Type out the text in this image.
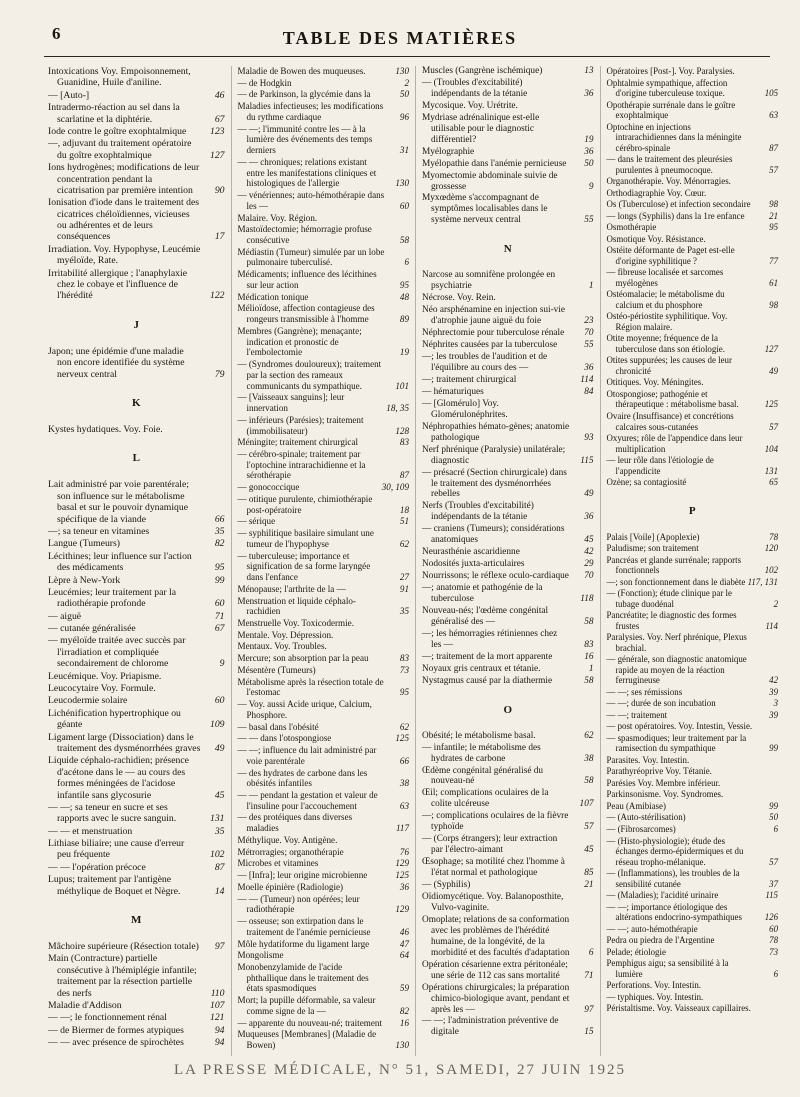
6	TABLE DES MATIÈRES
Intoxications Voy. Empoisonnement, Guanidine, Huile d'aniline.
— [Auto-]	46
Intradermo-réaction au sel dans la scarlatine et la diphtérie.	67
Iode contre le goître exophtalmique	123
—, adjuvant du traitement opératoire du goître exophtalmique	127
Ions hydrogènes; modifications de leur concentration pendant la cicatrisation par première intention	90
Ionisation d'iode dans le traitement des cicatrices chéloïdiennes, vicieuses ou adhérentes et de leurs conséquences	17
Irradiation. Voy. Hypophyse, Leucémie myéloïde, Rate.
Irritabilité allergique ; l'anaphylaxie chez le cobaye et l'influence de l'hérédité	122
J
Japon; une épidémie d'une maladie non encore identifiée du système nerveux central	79
K
Kystes hydatiques. Voy. Foie.
L
Lait administré par voie parentérale; son influence sur le métabolisme basal et sur le pouvoir dynamique spécifique de la viande	66
—; sa teneur en vitamines	35
Langue (Tumeurs)	82
Lécithines; leur influence sur l'action des médicaments	95
Lèpre à New-York	99
Leucémies; leur traitement par la radiothérapie profonde	60
— aiguë	71
— cutanée généralisée	67
— myéloïde traitée avec succès par l'irradiation et compliquée secondairement de chlorome	9
Leucémique. Voy. Priapisme.
Leucocytaire Voy. Formule.
Leucodermie solaire	60
Lichénification hypertrophique ou géante	109
Ligament large (Dissociation) dans le traitement des dysménorrhées graves	49
Liquide céphalo-rachidien; présence d'acétone dans le — au cours des formes méningées de l'acidose infantile sans glycosurie	45
— —; sa teneur en sucre et ses rapports avec le sucre sanguin.	131
— — et menstruation	35
Lithiase biliaire; une cause d'erreur peu fréquente	102
— — l'opération précoce	87
Lupus; traitement par l'antigène méthylique de Boquet et Nègre.	14
M
Mâchoire supérieure (Résection totale)	97
Main (Contracture) partielle consécutive à l'hémiplégie infantile; traitement par la résection partielle des nerfs	110
Maladie d'Addison	107
— —; le fonctionnement rénal	121
— de Biermer de formes atypiques	94
— — avec présence de spirochètes	94
Maladie de Bowen des muqueuses.	130
— de Hodgkin	2
— de Parkinson, la glycémie dans la	50
Maladies infectieuses; les modifications du rythme cardiaque	96
— —; l'immunité contre les — à la lumière des événements des temps derniers	31
— — chroniques; relations existant entre les manifestations cliniques et histologiques de l'allergie	130
— vénériennes; auto-hémothérapie dans les —	60
Malaire. Voy. Région.
Mastoïdectomie; hémorragie profuse consécutive	58
Médiastin (Tumeur) simulée par un lobe pulmonaire tuberculisé.	6
Médicaments; influence des lécithines sur leur action	95
Médication tonique	48
Mélioïdose, affection contagieuse des rongeurs transmissible à l'homme	89
Membres (Gangrène); menaçante; indication et pronostic de l'embolectomie	19
— (Syndromes douloureux); traitement par la section des rameaux communicants du sympathique.	101
— [Vaisseaux sanguins]; leur innervation	18, 35
— inférieurs (Parésies); traitement (immobilisateur)	128
Méningite; traitement chirurgical	83
— cérébro-spinale; traitement par l'optochine intrarachidienne et la sérothérapie	87
— gonococcique	30, 109
— otitique purulente, chimiothérapie post-opératoire	18
— sérique	51
— syphilitique basilaire simulant une tumeur de l'hypophyse	62
— tuberculeuse; importance et signification de sa forme laryngée dans l'enfance	27
Ménopause; l'arthrite de la —	91
Menstruation et liquide céphalo-rachidien	35
Menstruelle Voy. Toxicodermie.
Mentale. Voy. Dépression.
Mentaux. Voy. Troubles.
Mercure; son absorption par la peau	83
Mésentère (Tumeurs)	73
Métabolisme après la résection totale de l'estomac	95
— Voy. aussi Acide urique, Calcium, Phosphore.
— basal dans l'obésité	62
— — dans l'otospongiose	125
— —; influence du lait administré par voie parentérale	66
— des hydrates de carbone dans les obésités infantiles	38
— — pendant la gestation et valeur de l'insuline pour l'accouchement	63
— des protéiques dans diverses maladies	117
Méthylique. Voy. Antigène.
Métrorragies; organothérapie	76
Microbes et vitamines	129
— [Infra]; leur origine microbienne	125
Moelle épinière (Radiologie)	36
— — (Tumeur) non opérées; leur radiothérapie	129
— osseuse; son extirpation dans le traitement de l'anémie pernicieuse	46
Môle hydatiforme du ligament large	47
Mongolisme	64
Monobenzylamide de l'acide phthallique dans le traitement des états spasmodiques	59
Mort; la pupille déformable, sa valeur comme signe de la —	82
— apparente du nouveau-né; traitement	16
Muqueuses [Membranes] (Maladie de Bowen)	130
Muscles (Gangrène ischémique)	13
— (Troubles d'excitabilité) indépendants de la tétanie	36
Mycosique. Voy. Urétrite.
Mydriase adrénalinique est-elle utilisable pour le diagnostic différentiel?	19
Myélographie	36
Myélopathie dans l'anémie pernicieuse	50
Myomectomie abdominale suivie de grossesse	9
Myxœdème s'accompagnant de symptômes localisables dans le système nerveux central	55
N
Narcose au somnifène prolongée en psychiatrie	1
Nécrose. Voy. Rein.
Néo arsphénamine en injection sui-vie d'atrophie jaune aiguë du foie	23
Néphrectomie pour tuberculose rénale	70
Néphrites causées par la tuberculose	55
—; les troubles de l'audition et de l'équilibre au cours des —	36
—; traitement chirurgical	114
— hématuriques	84
— [Glomérulo] Voy. Glomérulonéphrites.
Néphropathies hémato-gènes; anatomie pathologique	93
Nerf phrénique (Paralysie) unilatérale; diagnostic	115
— présacré (Section chirurgicale) dans le traitement des dysménorrhées rebelles	49
Nerfs (Troubles d'excitabilité) indépendants de la tétanie	36
— craniens (Tumeurs); considérations anatomiques	45
Neurasthénie ascaridienne	42
Nodosités juxta-articulaires	29
Nourrissons; le réflexe oculo-cardiaque	70
—; anatomie et pathogénie de la tuberculose	118
Nouveau-nés; l'œdème congénital généralisé des —	58
—; les hémorragies rétiniennes chez les —	83
—; traitement de la mort apparente	16
Noyaux gris centraux et tétanie.	1
Nystagmus causé par la diathermie	58
O
Obésité; le métabolisme basal.	62
— infantile; le métabolisme des hydrates de carbone	38
Œdème congénital généralisé du nouveau-né	58
Œil; complications oculaires de la colite ulcéreuse	107
—; complications oculaires de la fièvre typhoïde	57
— (Corps étrangers); leur extraction par l'électro-aimant	45
Œsophage; sa motilité chez l'homme à l'état normal et pathologique	85
— (Syphilis)	21
Oïdiomycétique. Voy. Balanoposthite, Vulvo-vaginite.
Omoplate; relations de sa conformation avec les problèmes de l'hérédité humaine, de la longévité, de la morbidité et des facultés d'adaptation	6
Opération césarienne extra péritonéale; une série de 112 cas sans mortalité	71
Opérations chirurgicales; la préparation chimico-biologique avant, pendant et après les —	97
— —; l'administration préventive de digitale	15
Opératoires [Post-]. Voy. Paralysies.
Ophtalmie sympathique, affection d'origine tuberculeuse toxique.	105
Opothérapie surrénale dans le goître exophtalmique	63
Optochine en injections intrarachidiennes dans la méningite cérébro-spinale	87
— dans le traitement des pleurésies purulentes à pneumocoque.	57
Organothérapie. Voy. Ménorragies.
Orthodiagraphie Voy. Cœur.
Os (Tuberculose) et infection secondaire	98
— longs (Syphilis) dans la 1re enfance	21
Osmothérapie	95
Osmotique Voy. Résistance.
Ostéite déformante de Paget est-elle d'origine syphilitique ?	77
— fibreuse localisée et sarcomes myélogènes	61
Ostéomalacie; le métabolisme du calcium et du phosphore	98
Ostéo-périostite syphilitique. Voy. Région malaire.
Otite moyenne; fréquence de la tuberculose dans son étiologie.	127
Otites suppurées; les causes de leur chronicité	49
Otitiques. Voy. Méningites.
Otospongiose; pathogénie et thérapeutique : métabolisme basal.	125
Ovaire (Insuffisance) et concrétions calcaires sous-cutanées	57
Oxyures; rôle de l'appendice dans leur multiplication	104
— leur rôle dans l'étiologie de l'appendicite	131
Ozène; sa contagiosité	65
P
Palais [Voile] (Apoplexie)	78
Paludisme; son traitement	120
Pancréas et glande surrénale; rapports fonctionnels	102
—; son fonctionnement dans le diabète 117, 131
— (Fonction); étude clinique par le tubage duodénal	2
Pancréatite; le diagnostic des formes frustes	114
Paralysies. Voy. Nerf phrénique, Plexus brachial.
— générale, son diagnostic anatomique rapide au moyen de la réaction ferrugineuse	42
— —; ses rémissions	39
— —; durée de son incubation	3
— —; traitement	39
— post opératoires. Voy. Intestin, Vessie.
— spasmodiques; leur traitement par la ramisection du sympathique	99
Parasites. Voy. Intestin.
Parathyréoprive Voy. Tétanie.
Parésies Voy. Membre inférieur.
Parkinsonisme. Voy. Syndromes.
Peau (Amibiase)	99
— (Auto-stérilisation)	50
— (Fibrosarcomes)	6
— (Histo-physiologie); étude des échanges dermo-épidermiques et du réseau tropho-mélanique.	57
— (Inflammations), les troubles de la sensibilité cutanée	37
— (Maladies); l'acidité urinaire	115
— —; importance étiologique des altérations endocrino-sympathiques	126
— —; auto-hémothérapie	60
Pedra ou piedra de l'Argentine	78
Pelade; étiologie	73
Pemphigus aigu; sa sensibilité à la lumière	6
Perforations. Voy. Intestin.
— typhiques. Voy. Intestin.
Péristaltisme. Voy. Vaisseaux capillaires.
LA PRESSE MÉDICALE, N° 51, SAMEDI, 27 JUIN 1925
